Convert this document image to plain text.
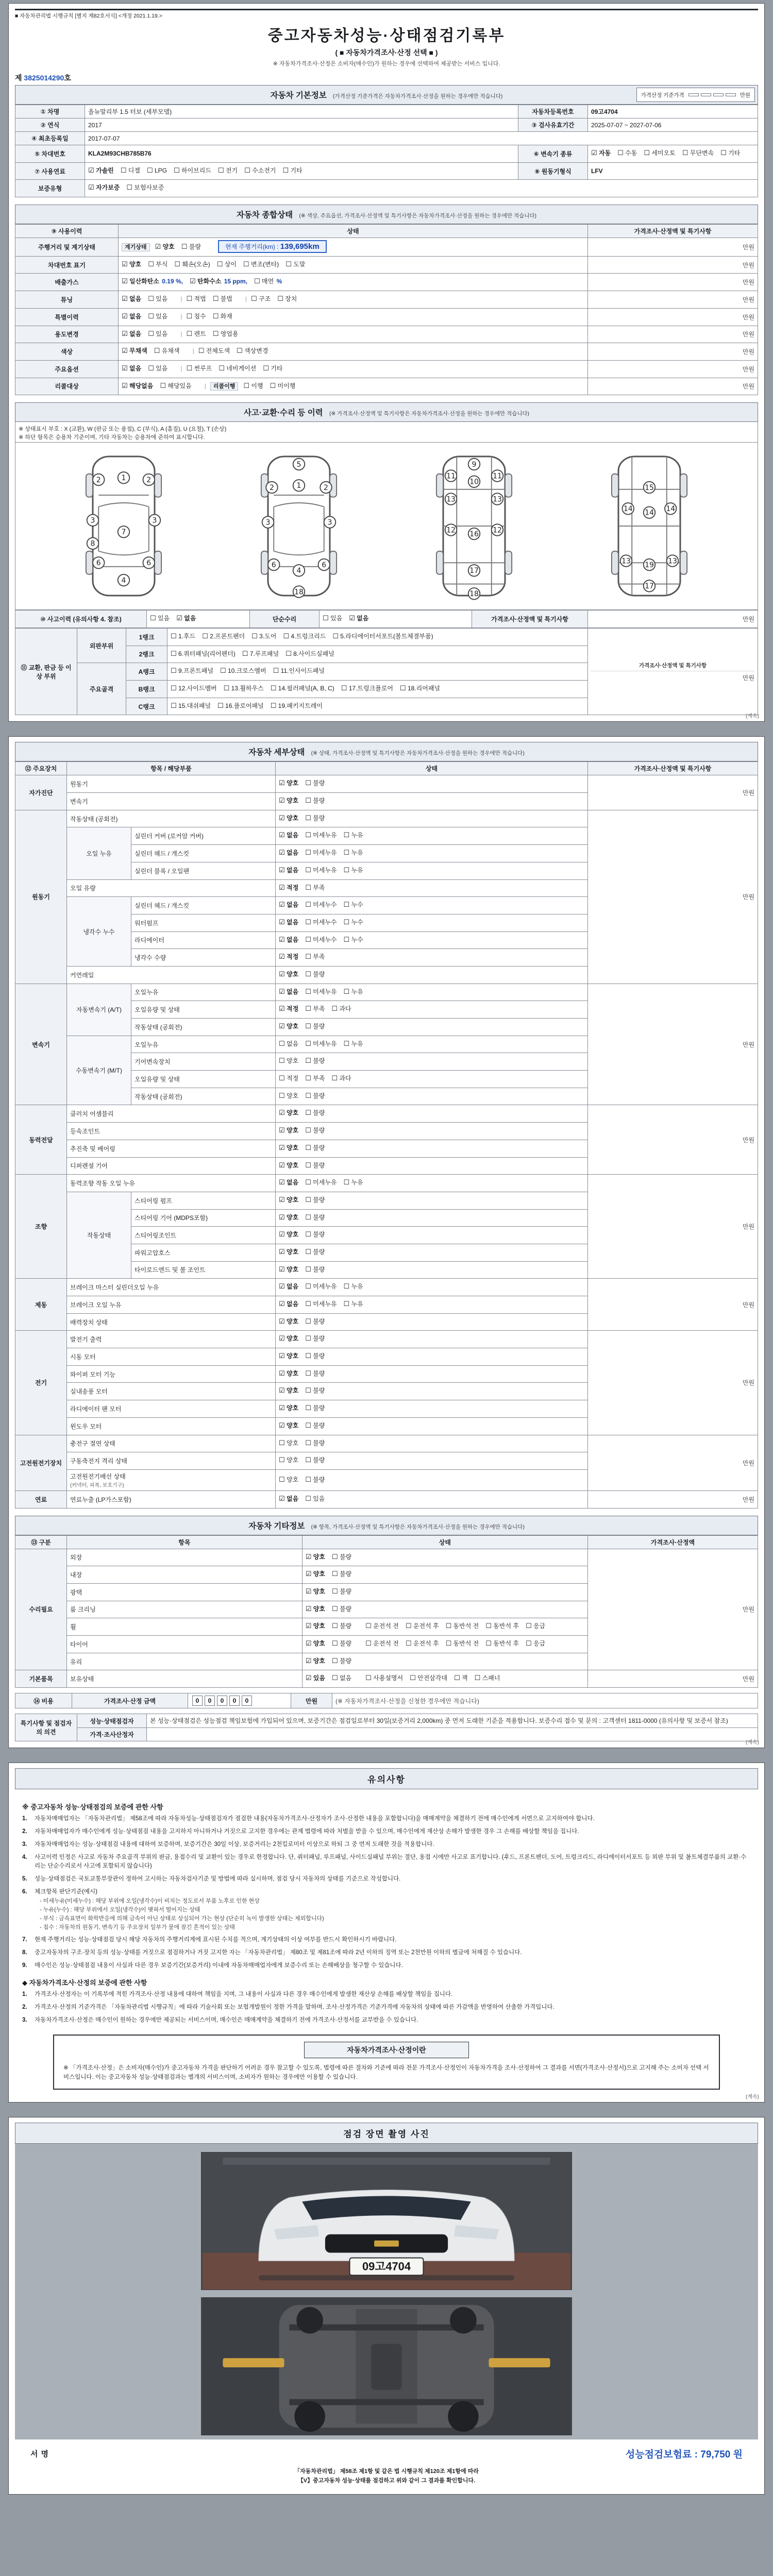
■ 자동차관리법 시행규칙 [별지 제82호서식] <개정 2021.1.19.>
중고자동차성능·상태점검기록부
( ■ 자동차가격조사·산정 선택 ■ )
※ 자동차가격조사·산정은 소비자(매수인)가 원하는 경우에 선택하여 제공받는 서비스 입니다.
제 3825014290호
자동차 기본정보 (가격산정 기준가격은 자동차가격조사·산정을 원하는 경우에만 적습니다)	가격산정 기준가격	만원
① 차명	올뉴말리부 1.5 터보 (세부모델)	자동차등록번호	09고4704
② 연식	2017	③ 검사유효기간	2025-07-07 ~ 2027-07-06
④ 최초등록일	2017-07-07		
⑤ 차대번호	KLA2M93CHB785B76	⑥ 변속기 종류	☑ 자동 ☐ 수동 ☐ 세미오토 ☐ 무단변속 ☐ 기타
⑦ 사용연료	☑ 가솔린 ☐ 디젤 ☐ LPG ☐ 하이브리드 ☐ 전기 ☐ 수소전기 ☐ 기타	⑧ 원동기형식	LFV
보증유형	☑ 자가보증 ☐ 보험사보증		
자동차 종합상태 (※ 색상, 주요옵션, 가격조사·산정액 및 특기사항은 자동차가격조사·산정을 원하는 경우에만 적습니다)
⑨ 사용이력	상태	가격조사·산정액 및 특기사항
주행거리 및 계기상태	계기상태 ☑ 양호 ☐ 불량 현재 주행거리(km) : 139,695km	만원
차대번호 표기	☑ 양호 ☐ 부식 ☐ 훼손(오손) ☐ 상이 ☐ 변조(변타) ☐ 도말	만원
배출가스	☑ 일산화탄소 0.19 %, ☑ 탄화수소 15 ppm, ☐ 매연 %	만원
튜닝	☑ 없음 ☐ 있음 | ☐ 적법 ☐ 불법 | ☐ 구조 ☐ 장치	만원
특별이력	☑ 없음 ☐ 있음 | ☐ 침수 ☐ 화재	만원
용도변경	☑ 없음 ☐ 있음 | ☐ 렌트 ☐ 영업용	만원
색상	☑ 무채색 ☐ 유채색 | ☐ 전체도색 ☐ 색상변경	만원
주요옵션	☑ 없음 ☐ 있음 | ☐ 썬루프 ☐ 네비게이션 ☐ 기타	만원
리콜대상	☑ 해당없음 ☐ 해당있음 | 리콜이행 ☐ 이행 ☐ 미이행	만원
사고·교환·수리 등 이력 (※ 가격조사·산정액 및 특기사항은 자동차가격조사·산정을 원하는 경우에만 적습니다)
※ 상태표시 부호 : X (교환), W (판금 또는 용접), C (부식), A (흠집), U (요철), T (손상)
※ 하단 항목은 승용차 기준이며, 기타 자동차는 승용차에 준하여 표시합니다.
2	1	2
3
7
3
8
6	6
4
5
1
2	2
3	3
6	6
4
18
9
10
11	11
13	13
12	12
16
17
18
15
14	14	14
13	13
19
17
⑩ 사고이력 (유의사항 4. 참조)	☐ 있음 ☑ 없음	단순수리	☐ 있음 ☑ 없음	가격조사·산정액 및 특기사항	만원
⑪ 교환, 판금 등 이상 부위	외판부위	1랭크	☐ 1.후드 ☐ 2.프론트펜더 ☐ 3.도어 ☐ 4.트렁크리드 ☐ 5.라디에이터서포트(볼트체결부품)	가격조사·산정액 및 특기사항
만원

		2랭크	☐ 6.쿼터패널(리어펜더) ☐ 7.루프패널 ☐ 8.사이드실패널	
	주요골격	A랭크	☐ 9.프론트패널 ☐ 10.크로스멤버 ☐ 11.인사이드패널	
		B랭크	☐ 12.사이드멤버 ☐ 13.휠하우스 ☐ 14.필러패널(A, B, C) ☐ 17.트렁크플로어 ☐ 18.리어패널	
		C랭크	☐ 15.대쉬패널 ☐ 16.플로어패널 ☐ 19.패키지트레이	
(계속)
자동차 세부상태 (※ 상태, 가격조사·산정액 및 특기사항은 자동차가격조사·산정을 원하는 경우에만 적습니다)
⑫ 주요장치	항목 / 해당부품		상태	가격조사·산정액 및 특기사항
자가진단	원동기		☑ 양호 ☐ 불량	만원
	변속기		☑ 양호 ☐ 불량	
원동기	작동상태 (공회전)		☑ 양호 ☐ 불량	만원
	오일 누유	실린더 커버 (로커암 커버)	☑ 없음 ☐ 미세누유 ☐ 누유	
		실린더 헤드 / 개스킷	☑ 없음 ☐ 미세누유 ☐ 누유	
		실린더 블록 / 오일팬	☑ 없음 ☐ 미세누유 ☐ 누유	
	오일 유량		☑ 적정 ☐ 부족	
	냉각수 누수	실린더 헤드 / 개스킷	☑ 없음 ☐ 미세누수 ☐ 누수	
		워터펌프	☑ 없음 ☐ 미세누수 ☐ 누수	
		라디에이터	☑ 없음 ☐ 미세누수 ☐ 누수	
		냉각수 수량	☑ 적정 ☐ 부족	
	커먼레일		☑ 양호 ☐ 불량	
변속기	자동변속기 (A/T)	오일누유	☑ 없음 ☐ 미세누유 ☐ 누유	만원
		오일유량 및 상태	☑ 적정 ☐ 부족 ☐ 과다	
		작동상태 (공회전)	☑ 양호 ☐ 불량	
	수동변속기 (M/T)	오일누유	☐ 없음 ☐ 미세누유 ☐ 누유	
		기어변속장치	☐ 양호 ☐ 불량	
		오일유량 및 상태	☐ 적정 ☐ 부족 ☐ 과다	
		작동상태 (공회전)	☐ 양호 ☐ 불량	
동력전달	클러치 어셈블리		☑ 양호 ☐ 불량	만원
	등속조인트		☑ 양호 ☐ 불량	
	추진축 및 베어링		☑ 양호 ☐ 불량	
	디퍼렌셜 기어		☑ 양호 ☐ 불량	
조향	동력조향 작동 오일 누유		☑ 없음 ☐ 미세누유 ☐ 누유	만원
	작동상태	스티어링 펌프	☑ 양호 ☐ 불량	
		스티어링 기어 (MDPS포함)	☑ 양호 ☐ 불량	
		스티어링조인트	☑ 양호 ☐ 불량	
		파워고압호스	☑ 양호 ☐ 불량	
		타이로드엔드 및 볼 조인트	☑ 양호 ☐ 불량	
제동	브레이크 마스터 실린더오일 누유		☑ 없음 ☐ 미세누유 ☐ 누유	만원
	브레이크 오일 누유		☑ 없음 ☐ 미세누유 ☐ 누유	
	배력장치 상태		☑ 양호 ☐ 불량	
전기	발전기 출력		☑ 양호 ☐ 불량	만원
	시동 모터		☑ 양호 ☐ 불량	
	와이퍼 모터 기능		☑ 양호 ☐ 불량	
	실내송풍 모터		☑ 양호 ☐ 불량	
	라디에이터 팬 모터		☑ 양호 ☐ 불량	
	윈도우 모터		☑ 양호 ☐ 불량	
고전원전기장치	충전구 절연 상태		☐ 양호 ☐ 불량	만원
	구동축전지 격리 상태		☐ 양호 ☐ 불량	
	고전원전기배선 상태
(커넥터, 피복, 보호기구)		☐ 양호 ☐ 불량	
연료	연료누출 (LP가스포함)		☑ 없음 ☐ 있음	만원
자동차 기타정보 (※ 항목, 가격조사·산정액 및 특기사항은 자동차가격조사·산정을 원하는 경우에만 적습니다)
⑬ 구분	항목	상태	가격조사·산정액
수리필요	외장	☑ 양호 ☐ 불량	만원
	내장	☑ 양호 ☐ 불량	
	광택	☑ 양호 ☐ 불량	
	룸 크리닝	☑ 양호 ☐ 불량	
	휠	☑ 양호 ☐ 불량 ☐ 운전석 전 ☐ 운전석 후 ☐ 동반석 전 ☐ 동반석 후 ☐ 응급	
	타이어	☑ 양호 ☐ 불량 ☐ 운전석 전 ☐ 운전석 후 ☐ 동반석 전 ☐ 동반석 후 ☐ 응급	
	유리	☑ 양호 ☐ 불량	
기본품목	보유상태	☑ 있음 ☐ 없음 ☐ 사용설명서 ☐ 안전삼각대 ☐ 잭 ☐ 스패너	만원
⑭ 비용	가격조사·산정 금액	0 0 0 0 0	만원	(※ 자동차가격조사·산정을 신청한 경우에만 적습니다)
특기사항 및 점검자의 의견	성능·상태점검자	본 성능·상태점검은 성능점검 책임보험에 가입되어 있으며, 보증기간은 점검일로부터 30일(보증거리 2,000km) 중 먼저 도래한 기준을 적용합니다. 보증수리 접수 및 문의 : 고객센터 1811-0000 (유의사항 및 보증서 참조)
	가격·조사산정자	
(계속)
유의사항
※ 중고자동차 성능·상태점검의 보증에 관한 사항
1.	자동차매매업자는 「자동차관리법」 제58조에 따라 자동차성능·상태점검자가 점검한 내용(자동차가격조사·산정자가 조사·산정한 내용을 포함합니다)을 매매계약을 체결하기 전에 매수인에게 서면으로 고지하여야 합니다.
2.	자동차매매업자가 매수인에게 성능·상태점검 내용을 고지하지 아니하거나 거짓으로 고지한 경우에는 관계 법령에 따라 처벌을 받을 수 있으며, 매수인에게 재산상 손해가 발생한 경우 그 손해를 배상할 책임을 집니다.
3.	자동차매매업자는 성능·상태점검 내용에 대하여 보증하며, 보증기간은 30일 이상, 보증거리는 2천킬로미터 이상으로 하되 그 중 먼저 도래한 것을 적용합니다.
4.	사고이력 인정은 사고로 자동차 주요골격 부위의 판금, 용접수리 및 교환이 있는 경우로 한정합니다. 단, 쿼터패널, 루프패널, 사이드실패널 부위는 절단, 용접 시에만 사고로 표기합니다. (후드, 프론트펜더, 도어, 트렁크리드, 라디에이터서포트 등 외판 부위 및 볼트체결부품의 교환·수리는 단순수리로서 사고에 포함되지 않습니다)
5.	성능·상태점검은 국토교통부장관이 정하여 고시하는 자동차검사기준 및 방법에 따라 실시하며, 점검 당시 자동차의 상태를 기준으로 작성합니다.
6.	체크항목 판단기준(예시)
- 미세누유(미세누수) : 해당 부위에 오일(냉각수)이 비치는 정도로서 부품 노후로 인한 현상
- 누유(누수) : 해당 부위에서 오일(냉각수)이 맺혀서 떨어지는 상태
- 부식 : 금속표면이 화학반응에 의해 금속이 아닌 상태로 상실되어 가는 현상 (단순히 녹이 발생한 상태는 제외합니다)
- 침수 : 자동차의 원동기, 변속기 등 주요장치 일부가 물에 잠긴 흔적이 있는 상태
7.	현재 주행거리는 성능·상태점검 당시 해당 자동차의 주행거리계에 표시된 수치를 적으며, 계기상태의 이상 여부를 반드시 확인하시기 바랍니다.
8.	중고자동차의 구조·장치 등의 성능·상태를 거짓으로 점검하거나 거짓 고지한 자는 「자동차관리법」 제80조 및 제81조에 따라 2년 이하의 징역 또는 2천만원 이하의 벌금에 처해질 수 있습니다.
9.	매수인은 성능·상태점검 내용이 사실과 다른 경우 보증기간(보증거리) 이내에 자동차매매업자에게 보증수리 또는 손해배상을 청구할 수 있습니다.
◆ 자동차가격조사·산정의 보증에 관한 사항
1.	가격조사·산정자는 이 기록부에 적힌 가격조사·산정 내용에 대하여 책임을 지며, 그 내용이 사실과 다른 경우 매수인에게 발생한 재산상 손해를 배상할 책임을 집니다.
2.	가격조사·산정의 기준가격은 「자동차관리법 시행규칙」에 따라 기술사회 또는 보험개발원이 정한 가격을 말하며, 조사·산정가격은 기준가격에 자동차의 상태에 따른 가감액을 반영하여 산출한 가격입니다.
3.	자동차가격조사·산정은 매수인이 원하는 경우에만 제공되는 서비스이며, 매수인은 매매계약을 체결하기 전에 가격조사·산정서를 교부받을 수 있습니다.
자동차가격조사·산정이란
※ 「가격조사·산정」은 소비자(매수인)가 중고자동차 가격을 판단하기 어려운 경우 참고할 수 있도록, 법령에 따른 절차와 기준에 따라 전문 가격조사·산정인이 자동차가격을 조사·산정하여 그 결과를 서면(가격조사·산정서)으로 고지해 주는 소비자 선택 서비스입니다. 이는 중고자동차 성능·상태점검과는 별개의 서비스이며, 소비자가 원하는 경우에만 이용할 수 있습니다.
(계속)
점검 장면 촬영 사진
09고4704
서명	성능점검보험료 : 79,750 원
「자동차관리법」 제58조 제1항 및 같은 법 시행규칙 제120조 제1항에 따라
【V】중고자동차 성능·상태를 점검하고 위와 같이 그 결과를 확인합니다.
